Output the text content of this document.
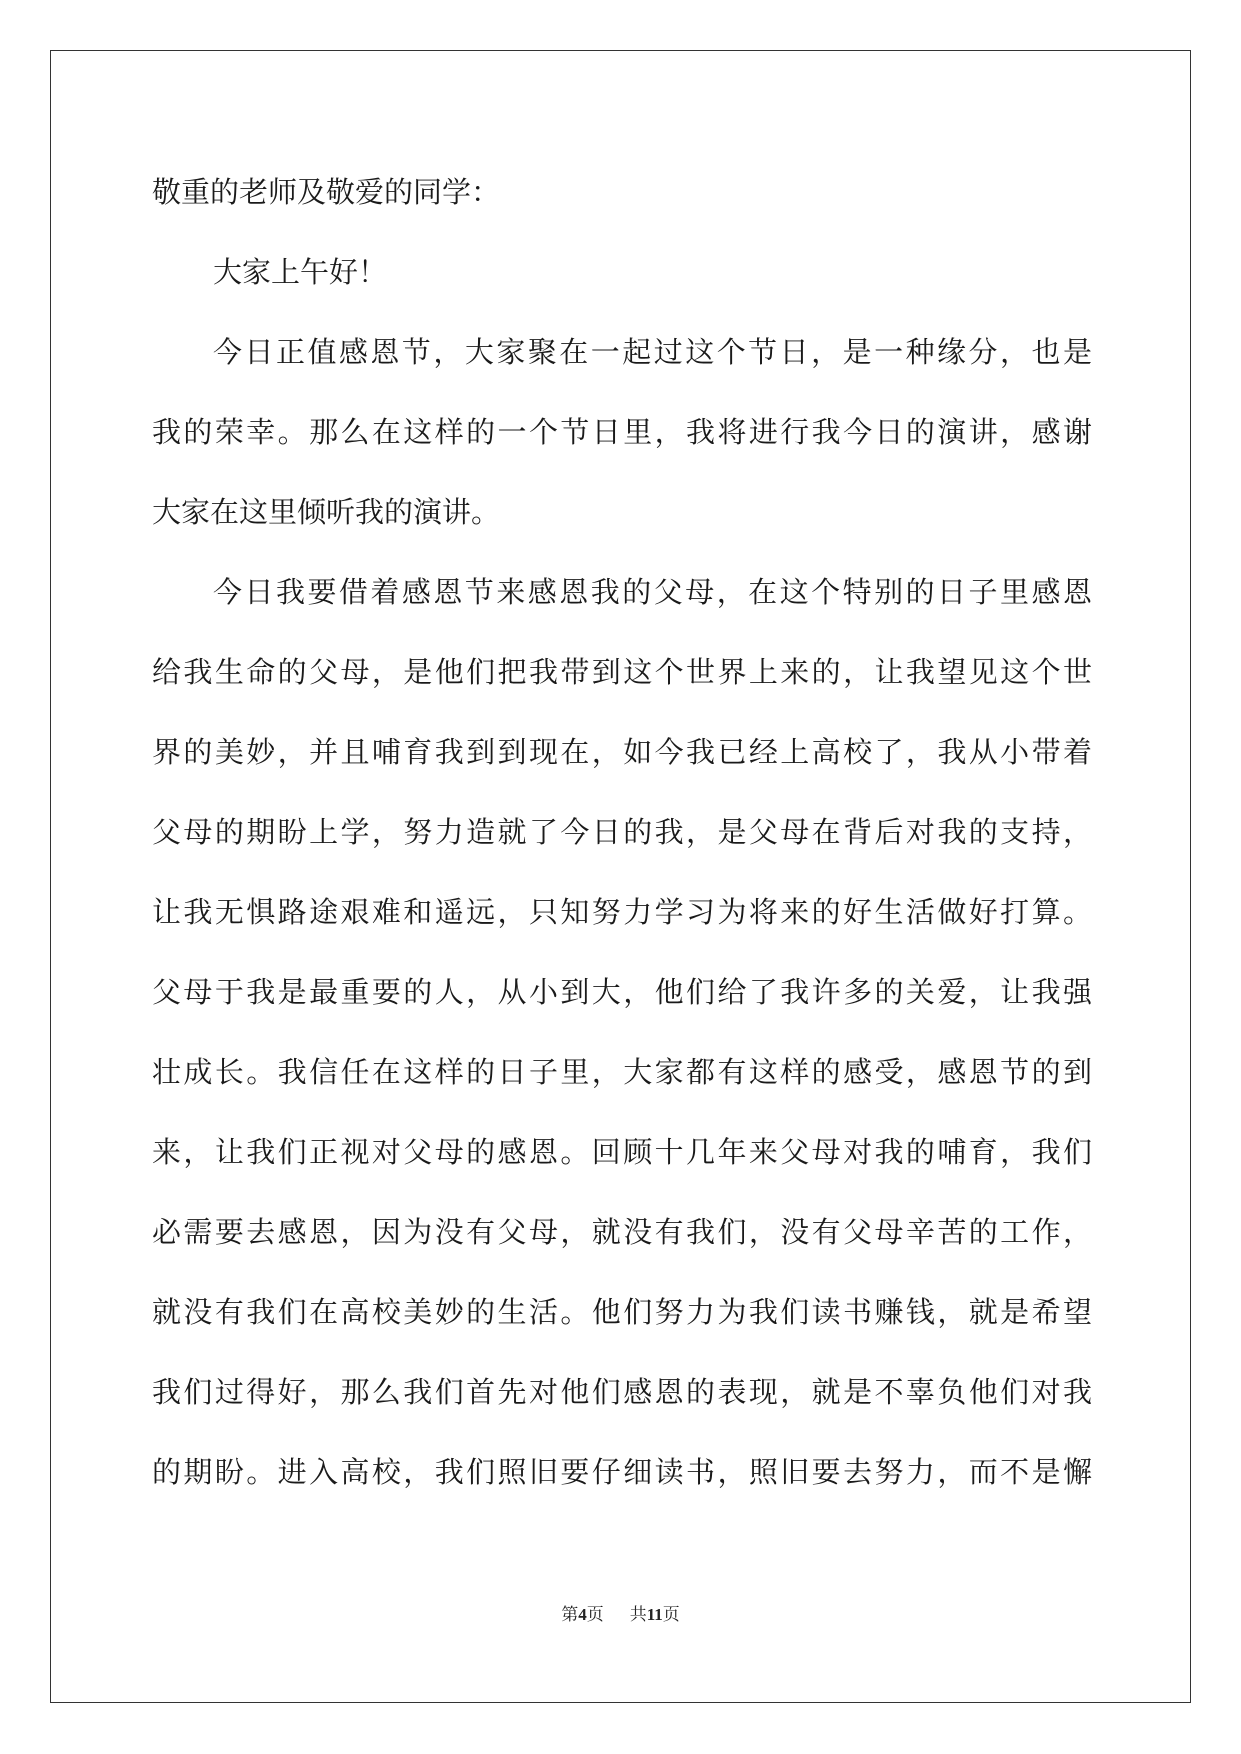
敬重的老师及敬爱的同学：
大家上午好！
今日正值感恩节，大家聚在一起过这个节日，是一种缘分，也是
我的荣幸。那么在这样的一个节日里，我将进行我今日的演讲，感谢
大家在这里倾听我的演讲。
今日我要借着感恩节来感恩我的父母，在这个特别的日子里感恩
给我生命的父母，是他们把我带到这个世界上来的，让我望见这个世
界的美妙，并且哺育我到到现在，如今我已经上高校了，我从小带着
父母的期盼上学，努力造就了今日的我，是父母在背后对我的支持，
让我无惧路途艰难和遥远，只知努力学习为将来的好生活做好打算。
父母于我是最重要的人，从小到大，他们给了我许多的关爱，让我强
壮成长。我信任在这样的日子里，大家都有这样的感受，感恩节的到
来，让我们正视对父母的感恩。回顾十几年来父母对我的哺育，我们
必需要去感恩，因为没有父母，就没有我们，没有父母辛苦的工作，
就没有我们在高校美妙的生活。他们努力为我们读书赚钱，就是希望
我们过得好，那么我们首先对他们感恩的表现，就是不辜负他们对我
的期盼。进入高校，我们照旧要仔细读书，照旧要去努力，而不是懈
第4页 共11页
